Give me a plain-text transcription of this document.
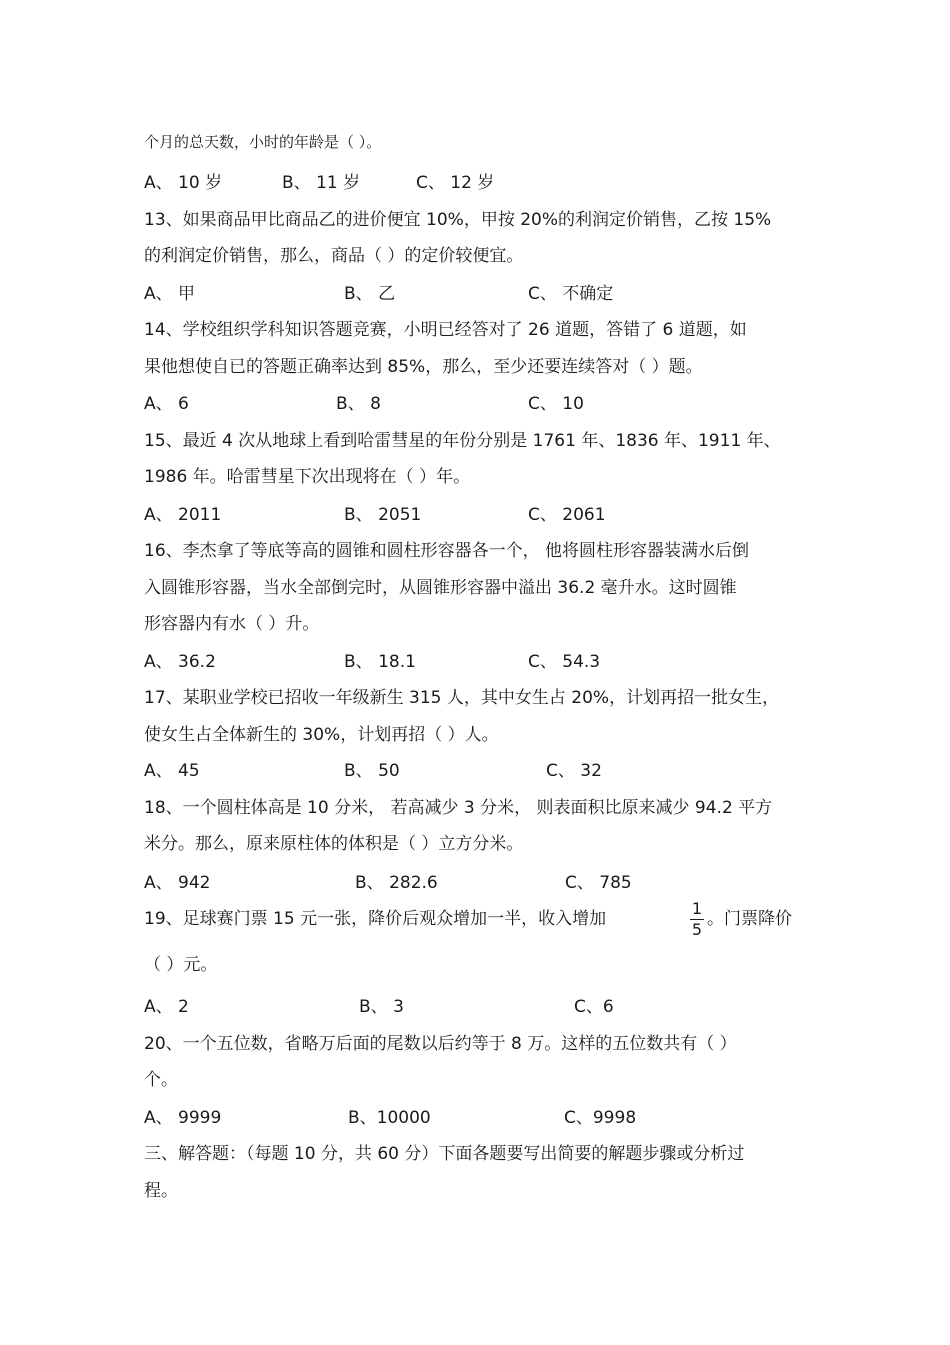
个月的总天数，小时的年龄是（ ）。
A、 10 岁	B、 11 岁	C、 12 岁
13、如果商品甲比商品乙的进价便宜 10%，甲按 20%的利润定价销售，乙按 15%
的利润定价销售，那么，商品（ ）的定价较便宜。
A、 甲	B、 乙	C、 不确定
14、学校组织学科知识答题竞赛，小明已经答对了 26 道题，答错了 6 道题，如
果他想使自已的答题正确率达到 85%，那么，至少还要连续答对（ ）题。
A、 6	B、 8	C、 10
15、最近 4 次从地球上看到哈雷彗星的年份分别是 1761 年、1836 年、1911 年、
1986 年。哈雷彗星下次出现将在（ ）年。
A、 2011	B、 2051	C、 2061
16、李杰拿了等底等高的圆锥和圆柱形容器各一个， 他将圆柱形容器装满水后倒
入圆锥形容器，当水全部倒完时，从圆锥形容器中溢出 36.2 毫升水。这时圆锥
形容器内有水（ ）升。
A、 36.2	B、 18.1	C、 54.3
17、某职业学校已招收一年级新生 315 人，其中女生占 20%，计划再招一批女生，
使女生占全体新生的 30%，计划再招（ ）人。
A、 45	B、 50	C、 32
18、一个圆柱体高是 10 分米， 若高减少 3 分米， 则表面积比原来减少 94.2 平方
米分。那么，原来原柱体的体积是（ ）立方分米。
A、 942	B、 282.6	C、 785
19、足球赛门票 15 元一张，降价后观众增加一半，收入增加
1
5
。门票降价
（ ）元。
A、 2	B、 3	C、6
20、一个五位数，省略万后面的尾数以后约等于 8 万。这样的五位数共有（ ）
个。
A、 9999	B、10000	C、9998
三、解答题：（每题 10 分，共 60 分）下面各题要写出简要的解题步骤或分析过
程。
